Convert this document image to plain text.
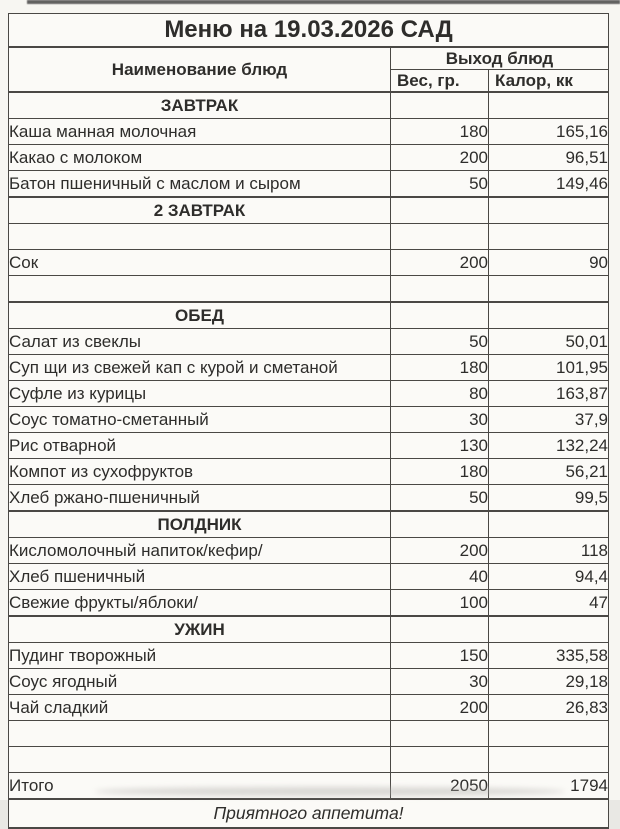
Меню на 19.03.2026 САД		
Наименование блюд	Выход блюд	
	Вес, гр.	Калор, кк
ЗАВТРАК		
Каша манная молочная	180	165,16
Какао с молоком	200	96,51
Батон пшеничный с маслом и сыром	50	149,46
2 ЗАВТРАК		

Сок	200	90

ОБЕД		
Салат из свеклы	50	50,01
Суп щи из свежей кап с курой и сметаной	180	101,95
Суфле из курицы	80	163,87
Соус томатно-сметанный	30	37,9
Рис отварной	130	132,24
Компот из сухофруктов	180	56,21
Хлеб ржано-пшеничный	50	99,5
ПОЛДНИК		
Кисломолочный напиток/кефир/	200	118
Хлеб пшеничный	40	94,4
Свежие фрукты/яблоки/	100	47
УЖИН		
Пудинг творожный	150	335,58
Соус ягодный	30	29,18
Чай сладкий	200	26,83

Итого	2050	1794
Приятного аппетита!		
